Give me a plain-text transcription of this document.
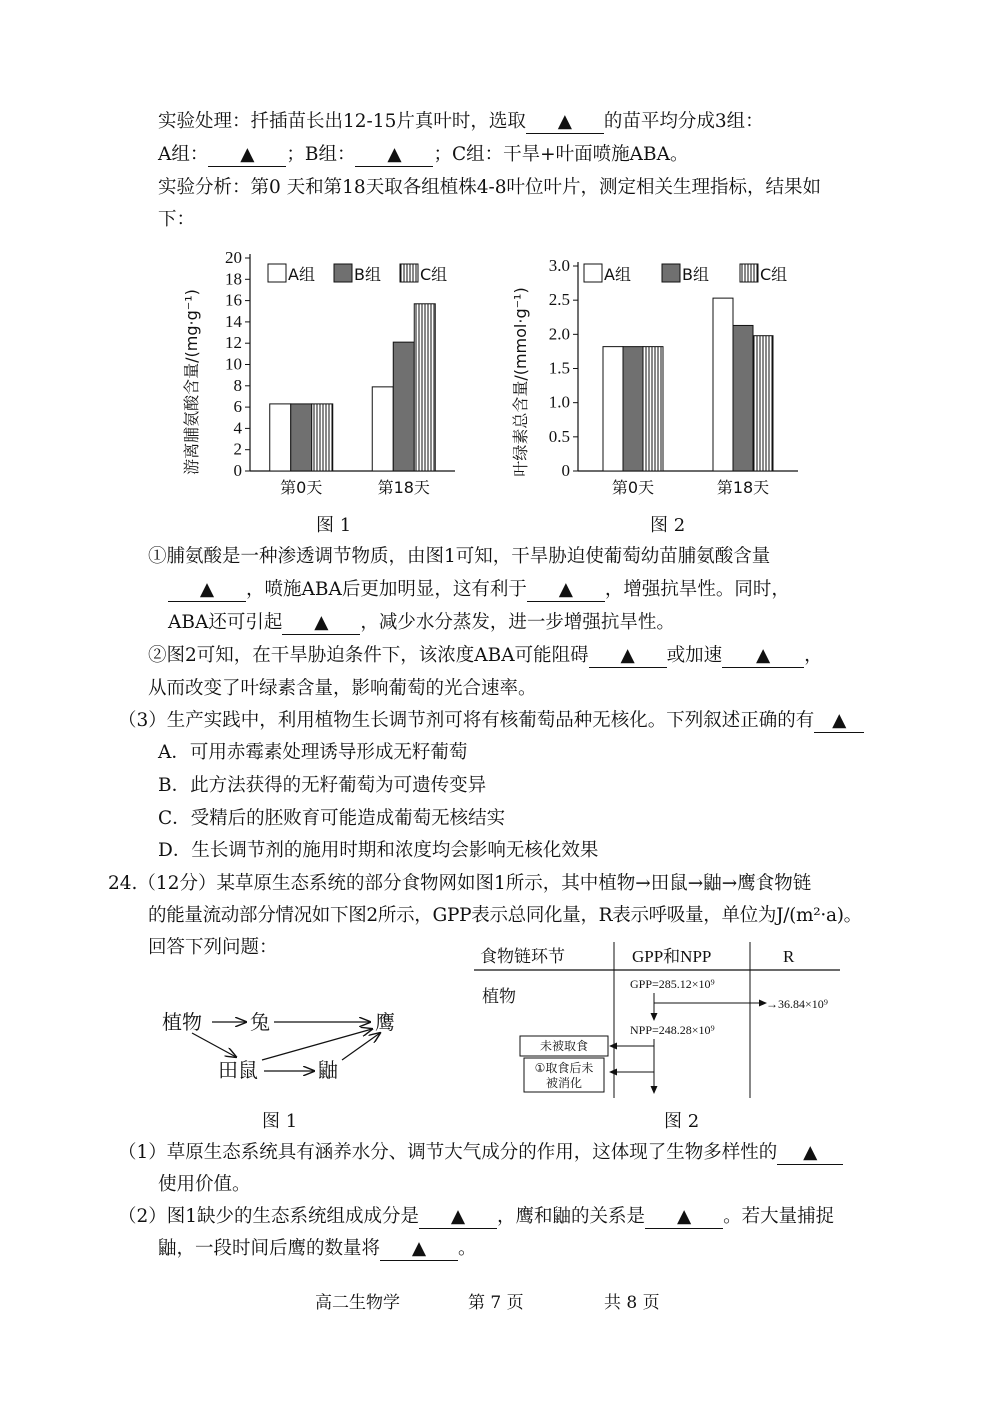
实验处理：扦插苗长出12-15片真叶时，选取 ▲ 的苗平均分成3组：
A组： ▲ ；B组： ▲ ；C组：干旱+叶面喷施ABA。
实验分析：第0 天和第18天取各组植株4-8叶位叶片，测定相关生理指标，结果如
下：
游离脯氨酸含量/(mg·g⁻¹) 0
2
4
6
8
10
12
14
16
18
20
第0天	第18天
A组 B组 C组
叶绿素总含量/(mmol·g⁻¹) 0
0.5
1.0
1.5
2.0
2.5
3.0
第0天	第18天
A组	B组	C组
图 1	图 2
①脯氨酸是一种渗透调节物质，由图1可知，干旱胁迫使葡萄幼苗脯氨酸含量
▲ ，喷施ABA后更加明显，这有利于 ▲ ，增强抗旱性。同时，
ABA还可引起 ▲ ，减少水分蒸发，进一步增强抗旱性。
②图2可知，在干旱胁迫条件下，该浓度ABA可能阻碍 ▲ 或加速 ▲ ，
从而改变了叶绿素含量，影响葡萄的光合速率。
（3）生产实践中，利用植物生长调节剂可将有核葡萄品种无核化。下列叙述正确的有 ▲
A．可用赤霉素处理诱导形成无籽葡萄
B．此方法获得的无籽葡萄为可遗传变异
C．受精后的胚败育可能造成葡萄无核结实
D．生长调节剂的施用时期和浓度均会影响无核化效果
24.（12分）某草原生态系统的部分食物网如图1所示，其中植物→田鼠→鼬→鹰食物链
的能量流动部分情况如下图2所示，GPP表示总同化量，R表示呼吸量，单位为J/(m²·a)。
回答下列问题：
植物 兔	鹰
田鼠	鼬
图 1
食物链环节	GPP和NPP	R
植物
GPP=285.12×10⁹
→36.84×10⁹
NPP=248.28×10⁹
未被取食
①取食后未
被消化
图 2
（1）草原生态系统具有涵养水分、调节大气成分的作用，这体现了生物多样性的 ▲
使用价值。
（2）图1缺少的生态系统组成成分是 ▲ ，鹰和鼬的关系是 ▲ 。若大量捕捉
鼬，一段时间后鹰的数量将 ▲ 。
高二生物学	第 7 页	共 8 页
